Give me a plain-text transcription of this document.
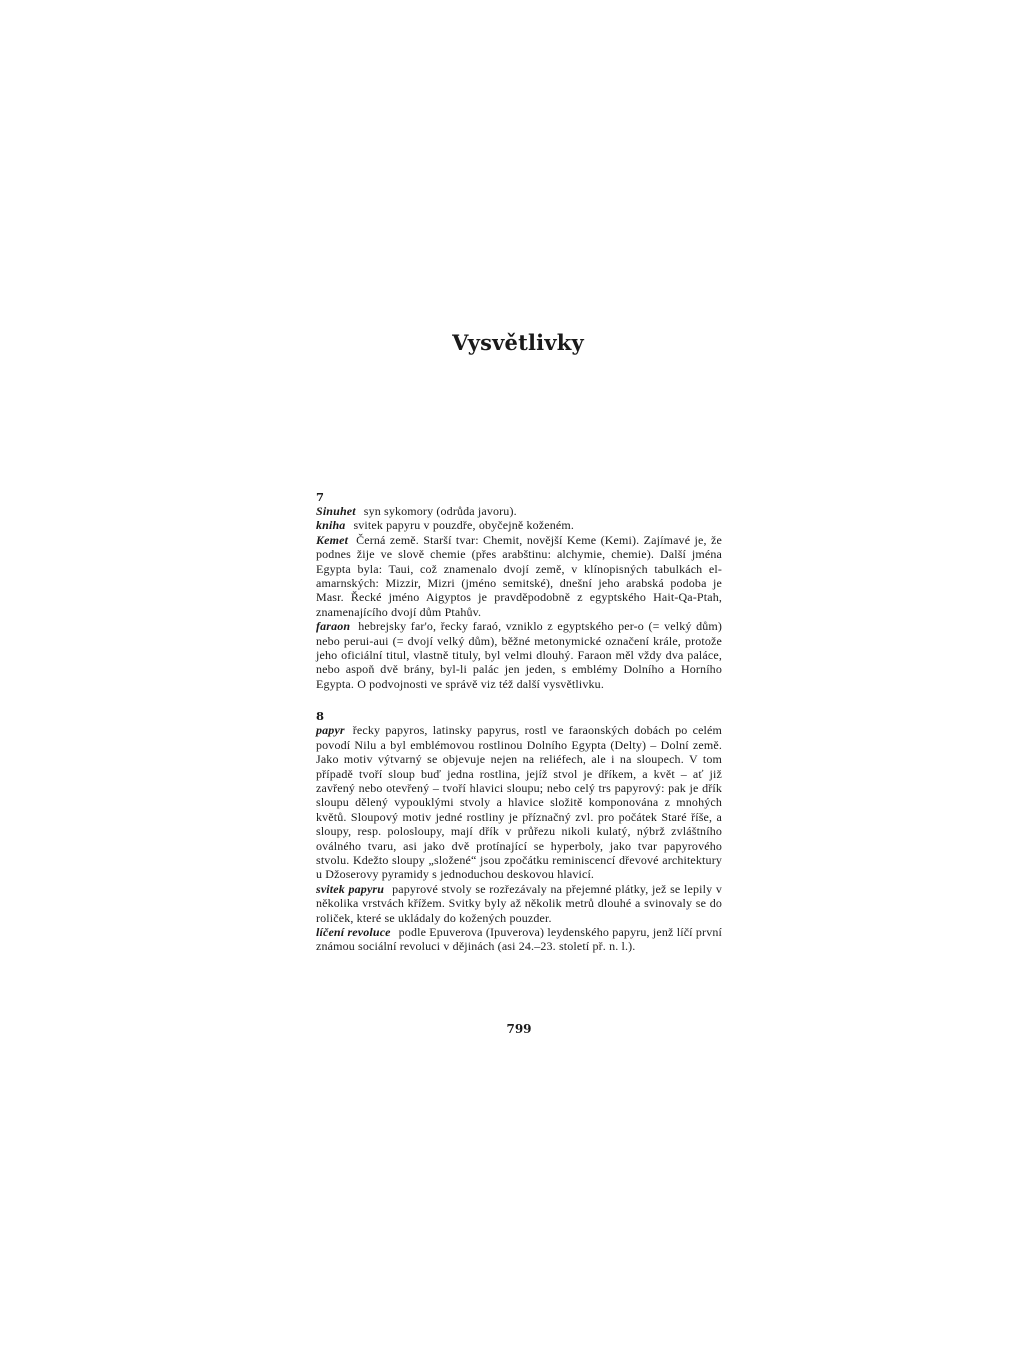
Vysvětlivky

7

Sinuhet syn sykomory (odrůda javoru).

kniha svitek papyru v pouzdře, obyčejně koženém.

Kemet Černá země. Starší tvar: Chemit, novější Keme (Kemi). Zajímavé je, že podnes žije ve slově chemie (přes arabštinu: alchymie, chemie). Další jména Egypta byla: Taui, což znamenalo dvojí země, v klínopisných tabulkách el-amarnských: Mizzir, Mizri (jméno semitské), dnešní jeho arabská podoba je Masr. Řecké jméno Aigyptos je pravděpodobně z egyptského Hait-Qa-Ptah, znamenajícího dvojí dům Ptahův.

faraon hebrejsky far'o, řecky faraó, vzniklo z egyptského per-o (= velký dům) nebo perui-aui (= dvojí velký dům), běžné metonymické označení krále, protože jeho oficiální titul, vlastně tituly, byl velmi dlouhý. Faraon měl vždy dva paláce, nebo aspoň dvě brány, byl-li palác jen jeden, s emblémy Dolního a Horního Egypta. O podvojnosti ve správě viz též další vysvětlivku.

8

papyr řecky papyros, latinsky papyrus, rostl ve faraonských dobách po celém povodí Nilu a byl emblémovou rostlinou Dolního Egypta (Delty) – Dolní země. Jako motiv výtvarný se objevuje nejen na reliéfech, ale i na sloupech. V tom případě tvoří sloup buď jedna rostlina, jejíž stvol je dříkem, a květ – ať již zavřený nebo otevřený – tvoří hlavici sloupu; nebo celý trs papyrový: pak je dřík sloupu dělený vypouklými stvoly a hlavice složitě komponována z mnohých květů. Sloupový motiv jedné rostliny je příznačný zvl. pro počátek Staré říše, a sloupy, resp. polosloupy, mají dřík v průřezu nikoli kulatý, nýbrž zvláštního oválného tvaru, asi jako dvě protínající se hyperboly, jako tvar papyrového stvolu. Kdežto sloupy „složené“ jsou zpočátku reminiscencí dřevové architektury u Džoserovy pyramidy s jednoduchou deskovou hlavicí.

svitek papyru papyrové stvoly se rozřezávaly na přejemné plátky, jež se lepily v několika vrstvách křížem. Svitky byly až několik metrů dlouhé a svinovaly se do roliček, které se ukládaly do kožených pouzder.

líčení revoluce podle Epuverova (Ipuverova) leydenského papyru, jenž líčí první známou sociální revoluci v dějinách (asi 24.–23. století př. n. l.).

799
